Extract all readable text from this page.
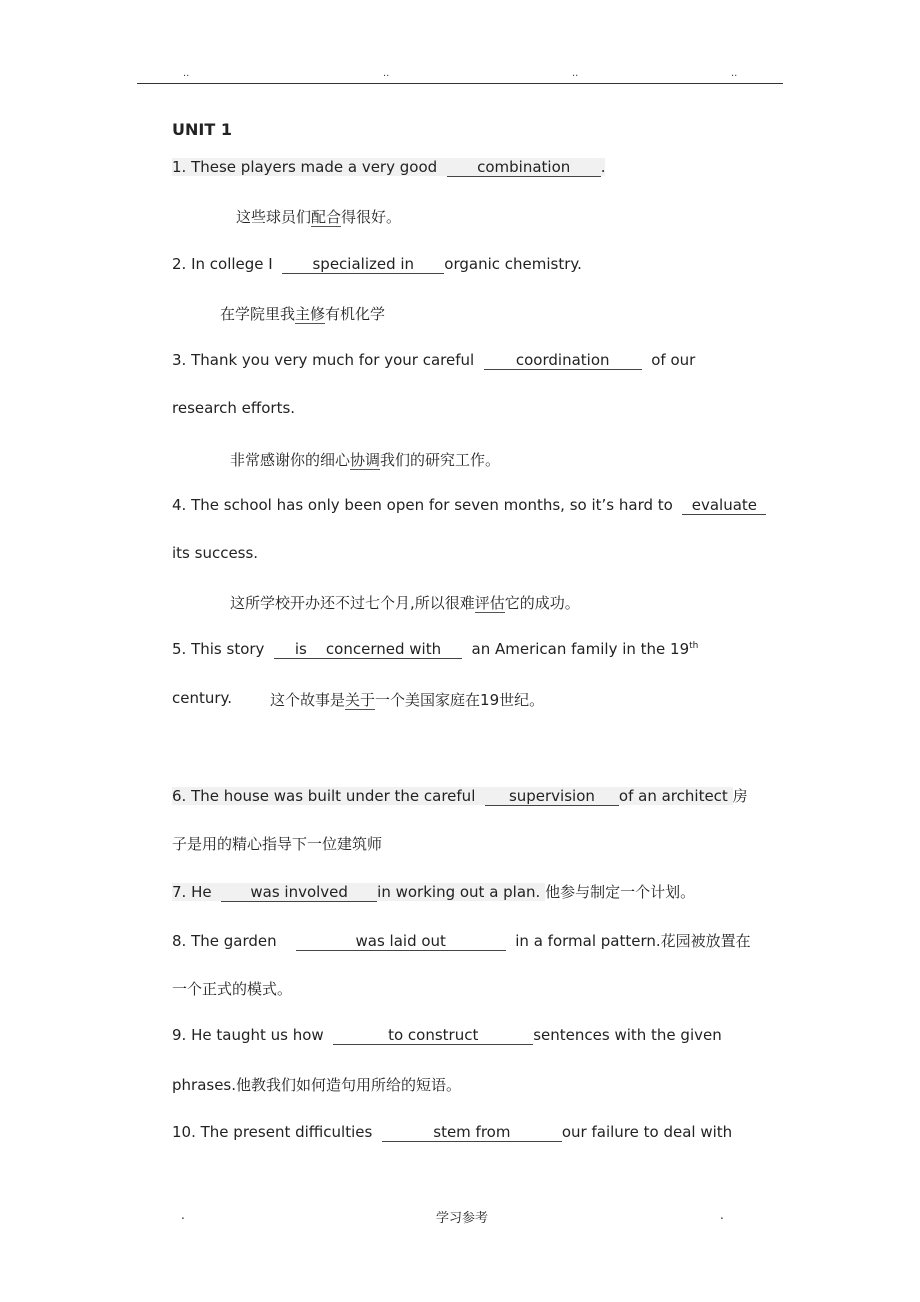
..	..	..	..
UNIT 1
1. These players made a very good	combination .
这些球员们配合得很好。
2. In college I	specialized in organic chemistry.
在学院里我主修有机化学
3. Thank you very much for your careful	coordination	of our
research efforts.
非常感谢你的细心协调我们的研究工作。
4. The school has only been open for seven months, so it’s hard to evaluate
its success.
这所学校开办还不过七个月,所以很难评估它的成功。
5. This story is    concerned with an American family in the 19th
century.	这个故事是关于一个美国家庭在19世纪。
6. The house was built under the careful supervision of an architect 房
子是用的精心指导下一位建筑师
7. He	was involved in working out a plan. 他参与制定一个计划。
8. The garden	was laid out	in a formal pattern.花园被放置在
一个正式的模式。
9. He taught us how	to construct	sentences with the given
phrases.他教我们如何造句用所给的短语。
10. The present difficulties	stem from	our failure to deal with
.	学习参考	.
